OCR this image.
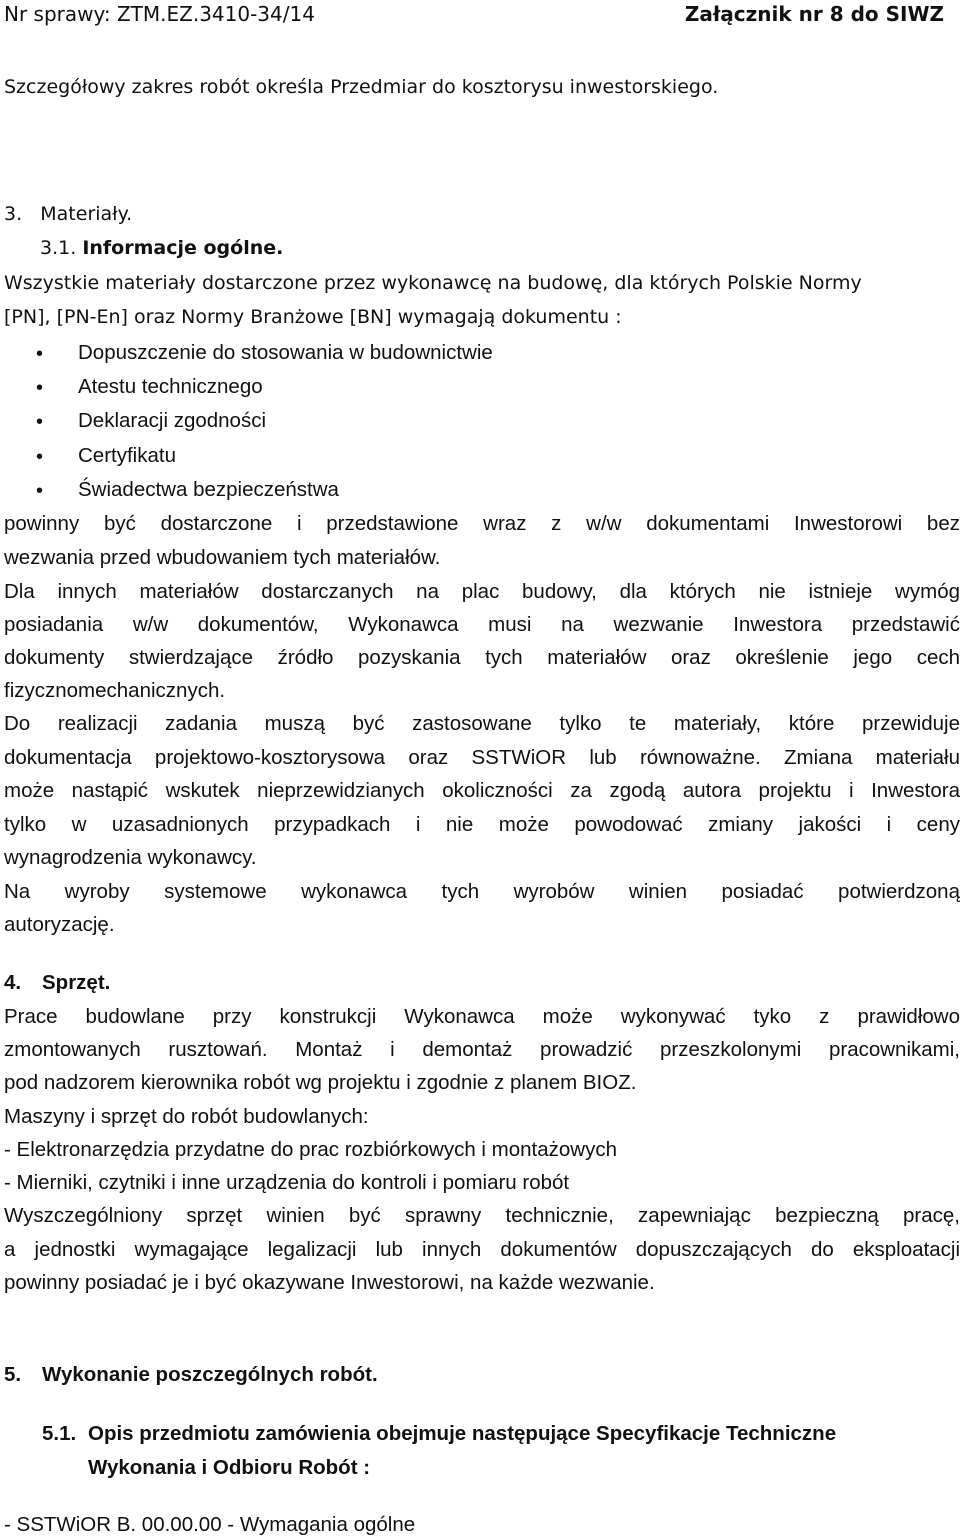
Nr sprawy: ZTM.EZ.3410-34/14	Załącznik nr 8 do SIWZ
Szczegółowy zakres robót określa Przedmiar do kosztorysu inwestorskiego.
3. Materiały.
3.1. Informacje ogólne.
Wszystkie materiały dostarczone przez wykonawcę na budowę, dla których Polskie Normy
[PN], [PN-En] oraz Normy Branżowe [BN] wymagają dokumentu :
• Dopuszczenie do stosowania w budownictwie
• Atestu technicznego
• Deklaracji zgodności
• Certyfikatu
• Świadectwa bezpieczeństwa
powinny być dostarczone i przedstawione wraz z w/w dokumentami Inwestorowi bez
wezwania przed wbudowaniem tych materiałów.
Dla innych materiałów dostarczanych na plac budowy, dla których nie istnieje wymóg
posiadania w/w dokumentów, Wykonawca musi na wezwanie Inwestora przedstawić
dokumenty stwierdzające źródło pozyskania tych materiałów oraz określenie jego cech
fizycznomechanicznych.
Do realizacji zadania muszą być zastosowane tylko te materiały, które przewiduje
dokumentacja projektowo-kosztorysowa oraz SSTWiOR lub równoważne. Zmiana materiału
może nastąpić wskutek nieprzewidzianych okoliczności za zgodą autora projektu i Inwestora
tylko w uzasadnionych przypadkach i nie może powodować zmiany jakości i ceny
wynagrodzenia wykonawcy.
Na wyroby systemowe wykonawca tych wyrobów winien posiadać potwierdzoną
autoryzację.
4. Sprzęt.
Prace budowlane przy konstrukcji Wykonawca może wykonywać tyko z prawidłowo
zmontowanych rusztowań. Montaż i demontaż prowadzić przeszkolonymi pracownikami,
pod nadzorem kierownika robót wg projektu i zgodnie z planem BIOZ.
Maszyny i sprzęt do robót budowlanych:
- Elektronarzędzia przydatne do prac rozbiórkowych i montażowych
- Mierniki, czytniki i inne urządzenia do kontroli i pomiaru robót
Wyszczególniony sprzęt winien być sprawny technicznie, zapewniając bezpieczną pracę,
a jednostki wymagające legalizacji lub innych dokumentów dopuszczających do eksploatacji
powinny posiadać je i być okazywane Inwestorowi, na każde wezwanie.
5. Wykonanie poszczególnych robót.
5.1. Opis przedmiotu zamówienia obejmuje następujące Specyfikacje Techniczne
Wykonania i Odbioru Robót :
- SSTWiOR B. 00.00.00 - Wymagania ogólne
